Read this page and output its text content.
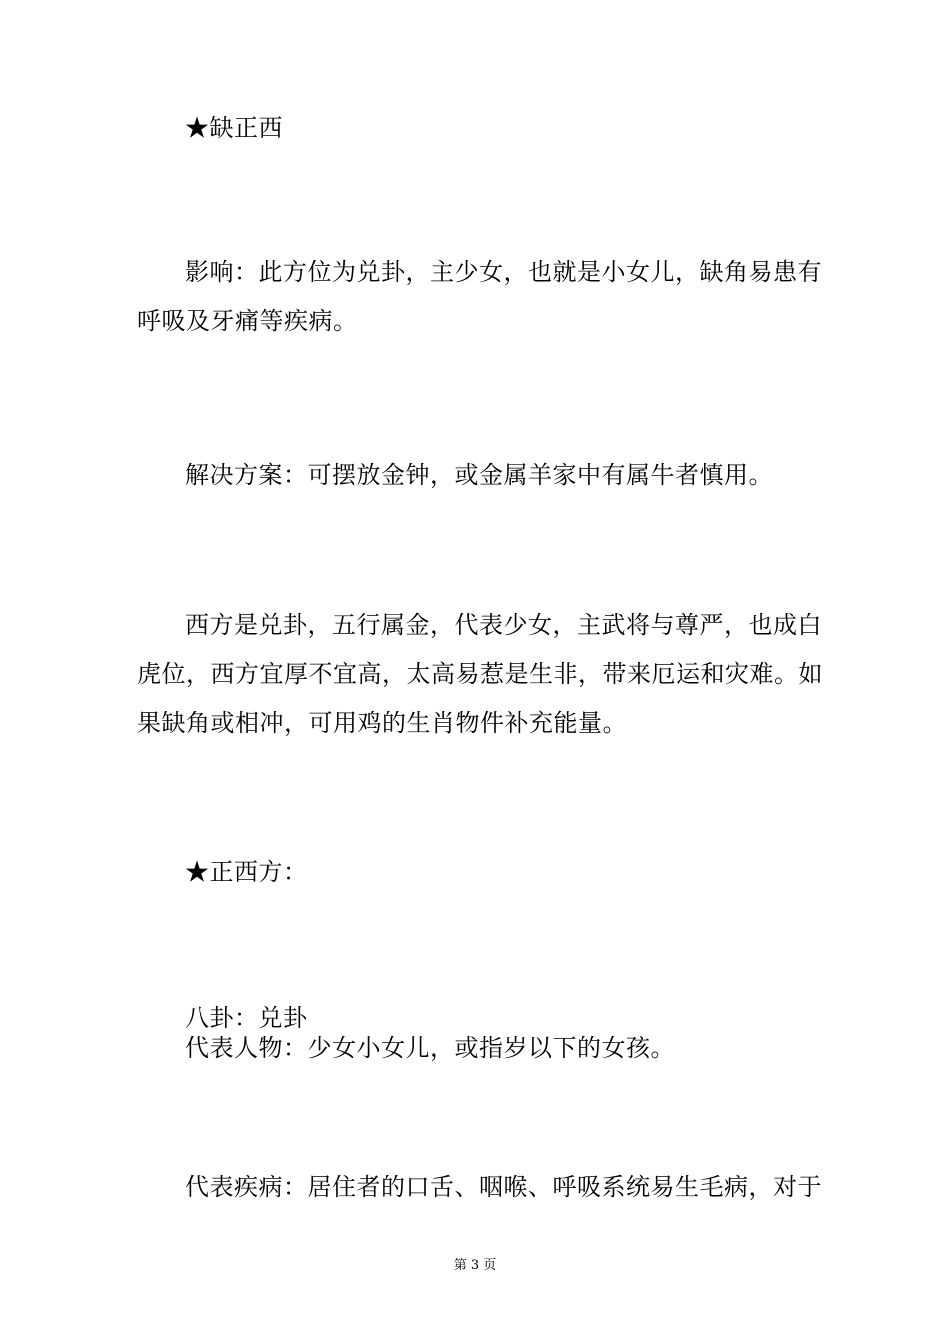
★缺正西
影响：此方位为兑卦，主少女，也就是小女儿，缺角易患有
呼吸及牙痛等疾病。
解决方案：可摆放金钟，或金属羊家中有属牛者慎用。
西方是兑卦，五行属金，代表少女，主武将与尊严，也成白
虎位，西方宜厚不宜高，太高易惹是生非，带来厄运和灾难。如
果缺角或相冲，可用鸡的生肖物件补充能量。
★正西方：
八卦：兑卦
代表人物：少女小女儿，或指岁以下的女孩。
代表疾病：居住者的口舌、咽喉、呼吸系统易生毛病，对于
第 3 页
